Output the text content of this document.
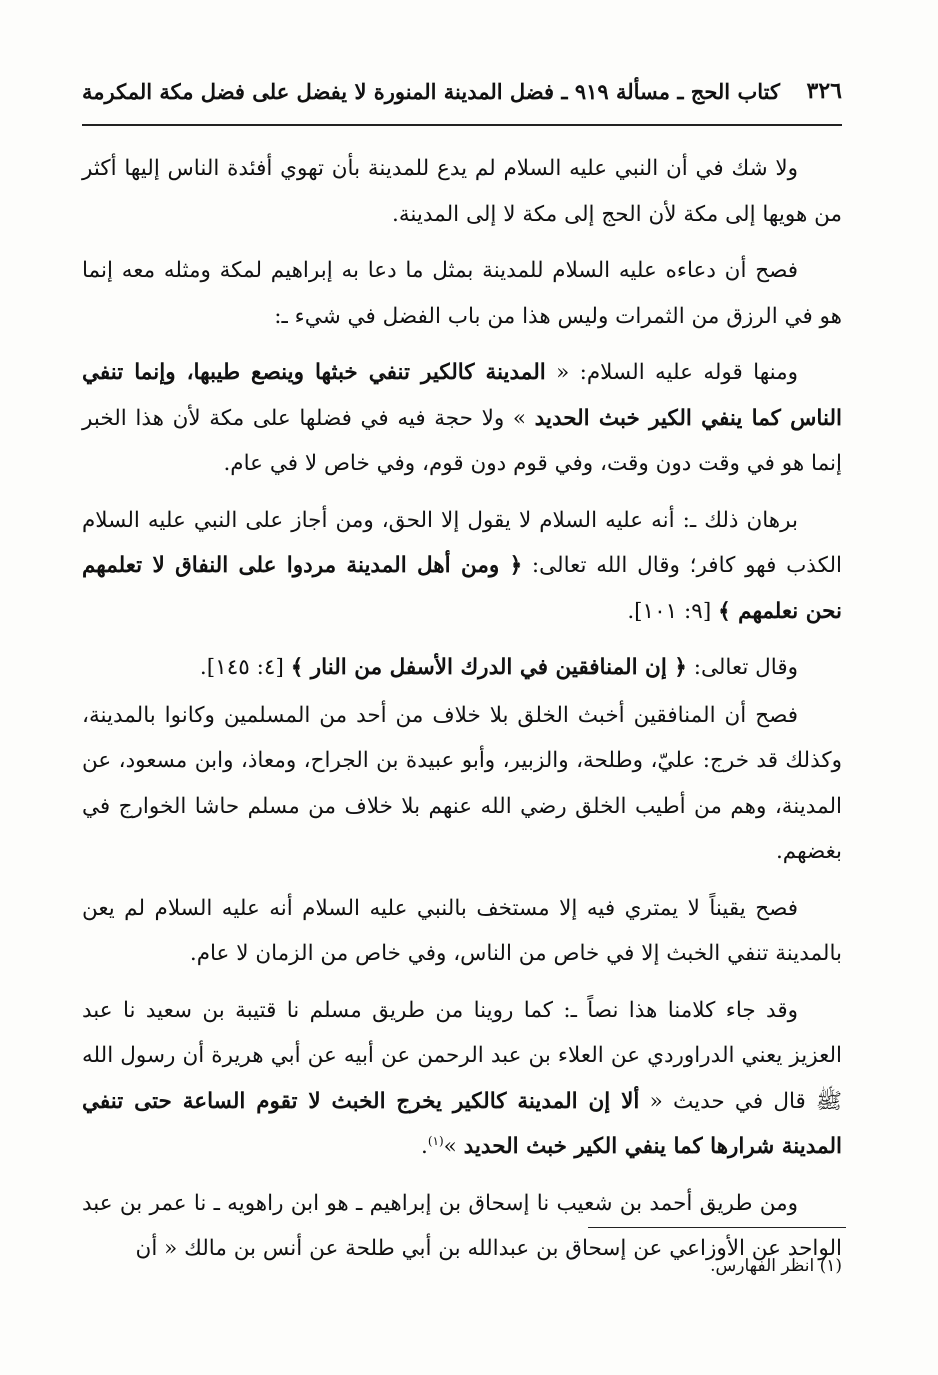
٣٢٦
كتاب الحج ـ مسألة ٩١٩ ـ فضل المدينة المنورة لا يفضل على فضل مكة المكرمة

ولا شك في أن النبي عليه السلام لم يدع للمدينة بأن تهوي أفئدة الناس إليها أكثر من هويها إلى مكة لأن الحج إلى مكة لا إلى المدينة.

فصح أن دعاءه عليه السلام للمدينة بمثل ما دعا به إبراهيم لمكة ومثله معه إنما هو في الرزق من الثمرات وليس هذا من باب الفضل في شيء ـ:

ومنها قوله عليه السلام: « المدينة كالكير تنفي خبثها وينصع طيبها، وإنما تنفي الناس كما ينفي الكير خبث الحديد » ولا حجة فيه في فضلها على مكة لأن هذا الخبر إنما هو في وقت دون وقت، وفي قوم دون قوم، وفي خاص لا في عام.

برهان ذلك ـ: أنه عليه السلام لا يقول إلا الحق، ومن أجاز على النبي عليه السلام الكذب فهو كافر؛ وقال الله تعالى: ﴿ ومن أهل المدينة مردوا على النفاق لا تعلمهم نحن نعلمهم ﴾ [٩: ١٠١].

وقال تعالى: ﴿ إن المنافقين في الدرك الأسفل من النار ﴾ [٤: ١٤٥].

فصح أن المنافقين أخبث الخلق بلا خلاف من أحد من المسلمين وكانوا بالمدينة، وكذلك قد خرج: عليّ، وطلحة، والزبير، وأبو عبيدة بن الجراح، ومعاذ، وابن مسعود، عن المدينة، وهم من أطيب الخلق رضي الله عنهم بلا خلاف من مسلم حاشا الخوارج في بغضهم.

فصح يقيناً لا يمتري فيه إلا مستخف بالنبي عليه السلام أنه عليه السلام لم يعن بالمدينة تنفي الخبث إلا في خاص من الناس، وفي خاص من الزمان لا عام.

وقد جاء كلامنا هذا نصاً ـ: كما روينا من طريق مسلم نا قتيبة بن سعيد نا عبد العزيز يعني الدراوردي عن العلاء بن عبد الرحمن عن أبيه عن أبي هريرة أن رسول الله ﷺ قال في حديث « ألا إن المدينة كالكير يخرج الخبث لا تقوم الساعة حتى تنفي المدينة شرارها كما ينفي الكير خبث الحديد »$^{(١)}$.

ومن طريق أحمد بن شعيب نا إسحاق بن إبراهيم ـ هو ابن راهويه ـ نا عمر بن عبد الواحد عن الأوزاعي عن إسحاق بن عبدالله بن أبي طلحة عن أنس بن مالك « أن

(١) انظر الفهارس.
